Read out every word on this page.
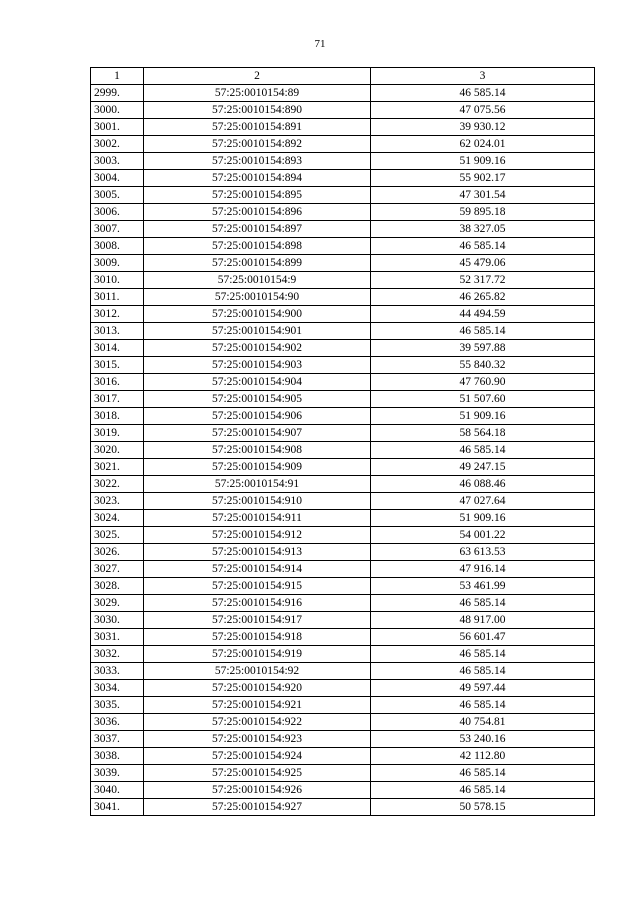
71
1	2	3
2999.	57:25:0010154:89	46 585.14
3000.	57:25:0010154:890	47 075.56
3001.	57:25:0010154:891	39 930.12
3002.	57:25:0010154:892	62 024.01
3003.	57:25:0010154:893	51 909.16
3004.	57:25:0010154:894	55 902.17
3005.	57:25:0010154:895	47 301.54
3006.	57:25:0010154:896	59 895.18
3007.	57:25:0010154:897	38 327.05
3008.	57:25:0010154:898	46 585.14
3009.	57:25:0010154:899	45 479.06
3010.	57:25:0010154:9	52 317.72
3011.	57:25:0010154:90	46 265.82
3012.	57:25:0010154:900	44 494.59
3013.	57:25:0010154:901	46 585.14
3014.	57:25:0010154:902	39 597.88
3015.	57:25:0010154:903	55 840.32
3016.	57:25:0010154:904	47 760.90
3017.	57:25:0010154:905	51 507.60
3018.	57:25:0010154:906	51 909.16
3019.	57:25:0010154:907	58 564.18
3020.	57:25:0010154:908	46 585.14
3021.	57:25:0010154:909	49 247.15
3022.	57:25:0010154:91	46 088.46
3023.	57:25:0010154:910	47 027.64
3024.	57:25:0010154:911	51 909.16
3025.	57:25:0010154:912	54 001.22
3026.	57:25:0010154:913	63 613.53
3027.	57:25:0010154:914	47 916.14
3028.	57:25:0010154:915	53 461.99
3029.	57:25:0010154:916	46 585.14
3030.	57:25:0010154:917	48 917.00
3031.	57:25:0010154:918	56 601.47
3032.	57:25:0010154:919	46 585.14
3033.	57:25:0010154:92	46 585.14
3034.	57:25:0010154:920	49 597.44
3035.	57:25:0010154:921	46 585.14
3036.	57:25:0010154:922	40 754.81
3037.	57:25:0010154:923	53 240.16
3038.	57:25:0010154:924	42 112.80
3039.	57:25:0010154:925	46 585.14
3040.	57:25:0010154:926	46 585.14
3041.	57:25:0010154:927	50 578.15
